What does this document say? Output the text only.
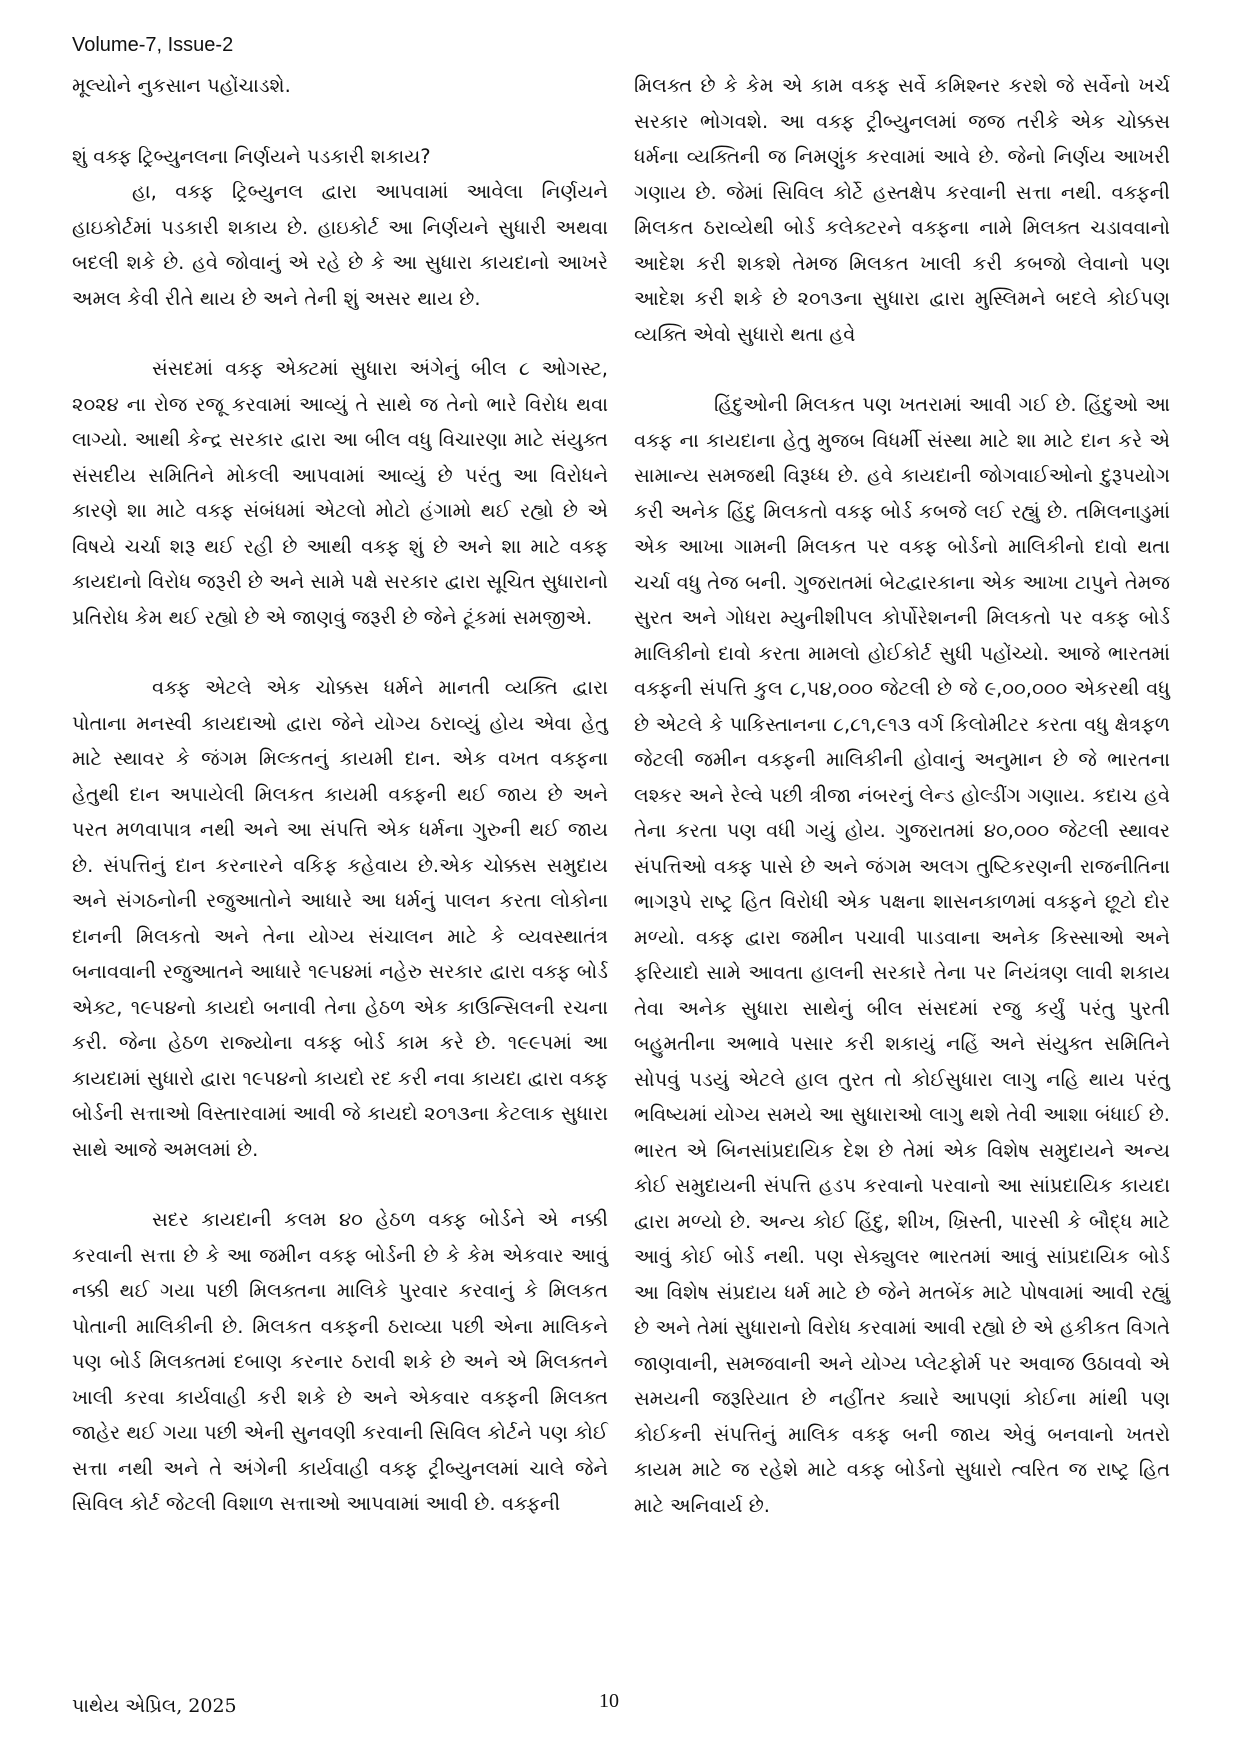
Volume-7, Issue-2

મૂલ્યોને નુકસાન પહોંચાડશે.

શું વક્ફ ટ્રિબ્યુનલના નિર્ણયને પડકારી શકાય?

હા, વક્ફ ટ્રિબ્યુનલ દ્વારા આપવામાં આવેલા નિર્ણયને હાઇકોર્ટમાં પડકારી શકાય છે. હાઇકોર્ટ આ નિર્ણયને સુધારી અથવા બદલી શકે છે. હવે જોવાનું એ રહે છે કે આ સુધારા કાયદાનો આખરે અમલ કેવી રીતે થાય છે અને તેની શું અસર થાય છે.

સંસદમાં વક્ફ એક્ટમાં સુધારા અંગેનું બીલ ૮ ઓગસ્ટ, ૨૦૨૪ ના રોજ રજૂ કરવામાં આવ્યું તે સાથે જ તેનો ભારે વિરોધ થવા લાગ્યો. આથી કેન્દ્ર સરકાર દ્વારા આ બીલ વધુ વિચારણા માટે સંયુક્ત સંસદીય સમિતિને મોકલી આપવામાં આવ્યું છે પરંતુ આ વિરોધને કારણે શા માટે વક્ફ સંબંધમાં એટલો મોટો હંગામો થઈ રહ્યો છે એ વિષયે ચર્ચા શરૂ થઈ રહી છે આથી વક્ફ શું છે અને શા માટે વક્ફ કાયદાનો વિરોધ જરૂરી છે અને સામે પક્ષે સરકાર દ્વારા સૂચિત સુધારાનો પ્રતિરોધ કેમ થઈ રહ્યો છે એ જાણવું જરૂરી છે જેને ટૂંકમાં સમજીએ.

વક્ફ એટલે એક ચોક્કસ ધર્મને માનતી વ્યક્તિ દ્વારા પોતાના મનસ્વી કાયદાઓ દ્વારા જેને યોગ્ય ઠરાવ્યું હોય એવા હેતુ માટે સ્થાવર કે જંગમ મિલ્કતનું કાયમી દાન. એક વખત વક્ફના હેતુથી દાન અપાયેલી મિલકત કાયમી વક્ફની થઈ જાય છે અને પરત મળવાપાત્ર નથી અને આ સંપત્તિ એક ધર્મના ગુરુની થઈ જાય છે. સંપત્તિનું દાન કરનારને વકિફ કહેવાય છે.એક ચોક્કસ સમુદાય અને સંગઠનોની રજુઆતોને આધારે આ ધર્મનું પાલન કરતા લોકોના દાનની મિલકતો અને તેના યોગ્ય સંચાલન માટે કે વ્યવસ્થાતંત્ર બનાવવાની રજુઆતને આધારે ૧૯૫૪માં નહેરુ સરકાર દ્વારા વક્ફ બોર્ડ એક્ટ, ૧૯૫૪નો કાયદો બનાવી તેના હેઠળ એક કાઉન્સિલની રચના કરી. જેના હેઠળ રાજ્યોના વક્ફ બોર્ડ કામ કરે છે. ૧૯૯૫માં આ કાયદામાં સુધારો દ્વારા ૧૯૫૪નો કાયદો રદ કરી નવા કાયદા દ્વારા વક્ફ બોર્ડની સત્તાઓ વિસ્તારવામાં આવી જે કાયદો ૨૦૧૩ના કેટલાક સુધારા સાથે આજે અમલમાં છે.

સદર કાયદાની કલમ ૪૦ હેઠળ વક્ફ બોર્ડને એ નક્કી કરવાની સત્તા છે કે આ જમીન વક્ફ બોર્ડની છે કે કેમ એકવાર આવું નક્કી થઈ ગયા પછી મિલક્તના માલિકે પુરવાર કરવાનું કે મિલકત પોતાની માલિકીની છે. મિલકત વક્ફની ઠરાવ્યા પછી એના માલિકને પણ બોર્ડ મિલક્તમાં દબાણ કરનાર ઠરાવી શકે છે અને એ મિલક્તને ખાલી કરવા કાર્યવાહી કરી શકે છે અને એકવાર વક્ફની મિલક્ત જાહેર થઈ ગયા પછી એની સુનવણી કરવાની સિવિલ કોર્ટને પણ કોઈ સત્તા નથી અને તે અંગેની કાર્યવાહી વક્ફ ટ્રીબ્યુનલમાં ચાલે જેને સિવિલ કોર્ટ જેટલી વિશાળ સત્તાઓ આપવામાં આવી છે. વક્ફની

મિલક્ત છે કે કેમ એ કામ વક્ફ સર્વે કમિશ્નર કરશે જે સર્વેનો ખર્ચ સરકાર ભોગવશે. આ વક્ફ ટ્રીબ્યુનલમાં જજ તરીકે એક ચોક્કસ ધર્મના વ્યક્તિની જ નિમણુંક કરવામાં આવે છે. જેનો નિર્ણય આખરી ગણાય છે. જેમાં સિવિલ કોર્ટે હસ્તક્ષેપ કરવાની સત્તા નથી. વક્ફની મિલકત ઠરાવ્યેથી બોર્ડ કલેક્ટરને વક્ફના નામે મિલક્ત ચડાવવાનો આદેશ કરી શકશે તેમજ મિલકત ખાલી કરી કબજો લેવાનો પણ આદેશ કરી શકે છે ૨૦૧૩ના સુધારા દ્વારા મુસ્લિમને બદલે કોઈપણ વ્યક્તિ એવો સુધારો થતા હવે

હિંદુઓની મિલકત પણ ખતરામાં આવી ગઈ છે. હિંદુઓ આ વક્ફ ના કાયદાના હેતુ મુજબ વિધર્મી સંસ્થા માટે શા માટે દાન કરે એ સામાન્ય સમજથી વિરૂધ્ધ છે. હવે કાયદાની જોગવાઈઓનો દુરૂપયોગ કરી અનેક હિંદુ મિલકતો વક્ફ બોર્ડ કબજે લઈ રહ્યું છે. તમિલનાડુમાં એક આખા ગામની મિલકત પર વક્ફ બોર્ડનો માલિકીનો દાવો થતા ચર્ચા વધુ તેજ બની. ગુજરાતમાં બેટદ્વારકાના એક આખા ટાપુને તેમજ સુરત અને ગોધરા મ્યુનીશીપલ કોર્પોરેશનની મિલકતો પર વક્ફ બોર્ડ માલિકીનો દાવો કરતા મામલો હોઈકોર્ટ સુધી પહોંચ્યો. આજે ભારતમાં વક્ફની સંપત્તિ કુલ ૮,૫૪,૦૦૦ જેટલી છે જે ૯,૦૦,૦૦૦ એકરથી વધુ છે એટલે કે પાકિસ્તાનના ૮,૮૧,૯૧૩ વર્ગ કિલોમીટર કરતા વધુ ક્ષેત્રફળ જેટલી જમીન વક્ફની માલિકીની હોવાનું અનુમાન છે જે ભારતના લશ્કર અને રેલ્વે પછી ત્રીજા નંબરનું લેન્ડ હોલ્ડીંગ ગણાય. કદાચ હવે તેના કરતા પણ વધી ગયું હોય. ગુજરાતમાં ૪૦,૦૦૦ જેટલી સ્થાવર સંપત્તિઓ વક્ફ પાસે છે અને જંગમ અલગ તુષ્ટિકરણની રાજનીતિના ભાગરૂપે રાષ્ટ્ર હિત વિરોધી એક પક્ષના શાસનકાળમાં વક્ફને છૂટો દોર મળ્યો. વક્ફ દ્વારા જમીન પચાવી પાડવાના અનેક કિસ્સાઓ અને ફરિયાદો સામે આવતા હાલની સરકારે તેના પર નિયંત્રણ લાવી શકાય તેવા અનેક સુધારા સાથેનું બીલ સંસદમાં રજુ કર્યું પરંતુ પુરતી બહુમતીના અભાવે પસાર કરી શકાયું નહિં અને સંયુક્ત સમિતિને સોપવું પડયું એટલે હાલ તુરત તો કોઈસુધારા લાગુ નહિ થાય પરંતુ ભવિષ્યમાં યોગ્ય સમયે આ સુધારાઓ લાગુ થશે તેવી આશા બંધાઈ છે. ભારત એ બિનસાંપ્રદાયિક દેશ છે તેમાં એક વિશેષ સમુદાયને અન્ય કોઈ સમુદાયની સંપત્તિ હડપ કરવાનો પરવાનો આ સાંપ્રદાયિક કાયદા દ્વારા મળ્યો છે. અન્ય કોઈ હિંદુ, શીખ, ખ્રિસ્તી, પારસી કે બૌદ્ધ માટે આવું કોઈ બોર્ડ નથી. પણ સેક્યુલર ભારતમાં આવું સાંપ્રદાયિક બોર્ડ આ વિશેષ સંપ્રદાય ધર્મ માટે છે જેને મતબેંક માટે પોષવામાં આવી રહ્યું છે અને તેમાં સુધારાનો વિરોધ કરવામાં આવી રહ્યો છે એ હકીકત વિગતે જાણવાની, સમજવાની અને યોગ્ય પ્લેટફોર્મ પર અવાજ ઉઠાવવો એ સમયની જરૂરિયાત છે નહીંતર ક્યારે આપણાં કોઈના માંથી પણ કોઈકની સંપત્તિનું માલિક વક્ફ બની જાય એવું બનવાનો ખતરો કાયમ માટે જ રહેશે માટે વક્ફ બોર્ડનો સુધારો ત્વરિત જ રાષ્ટ્ર હિત માટે અનિવાર્ય છે.

પાથેય એપ્રિલ, 2025	10
